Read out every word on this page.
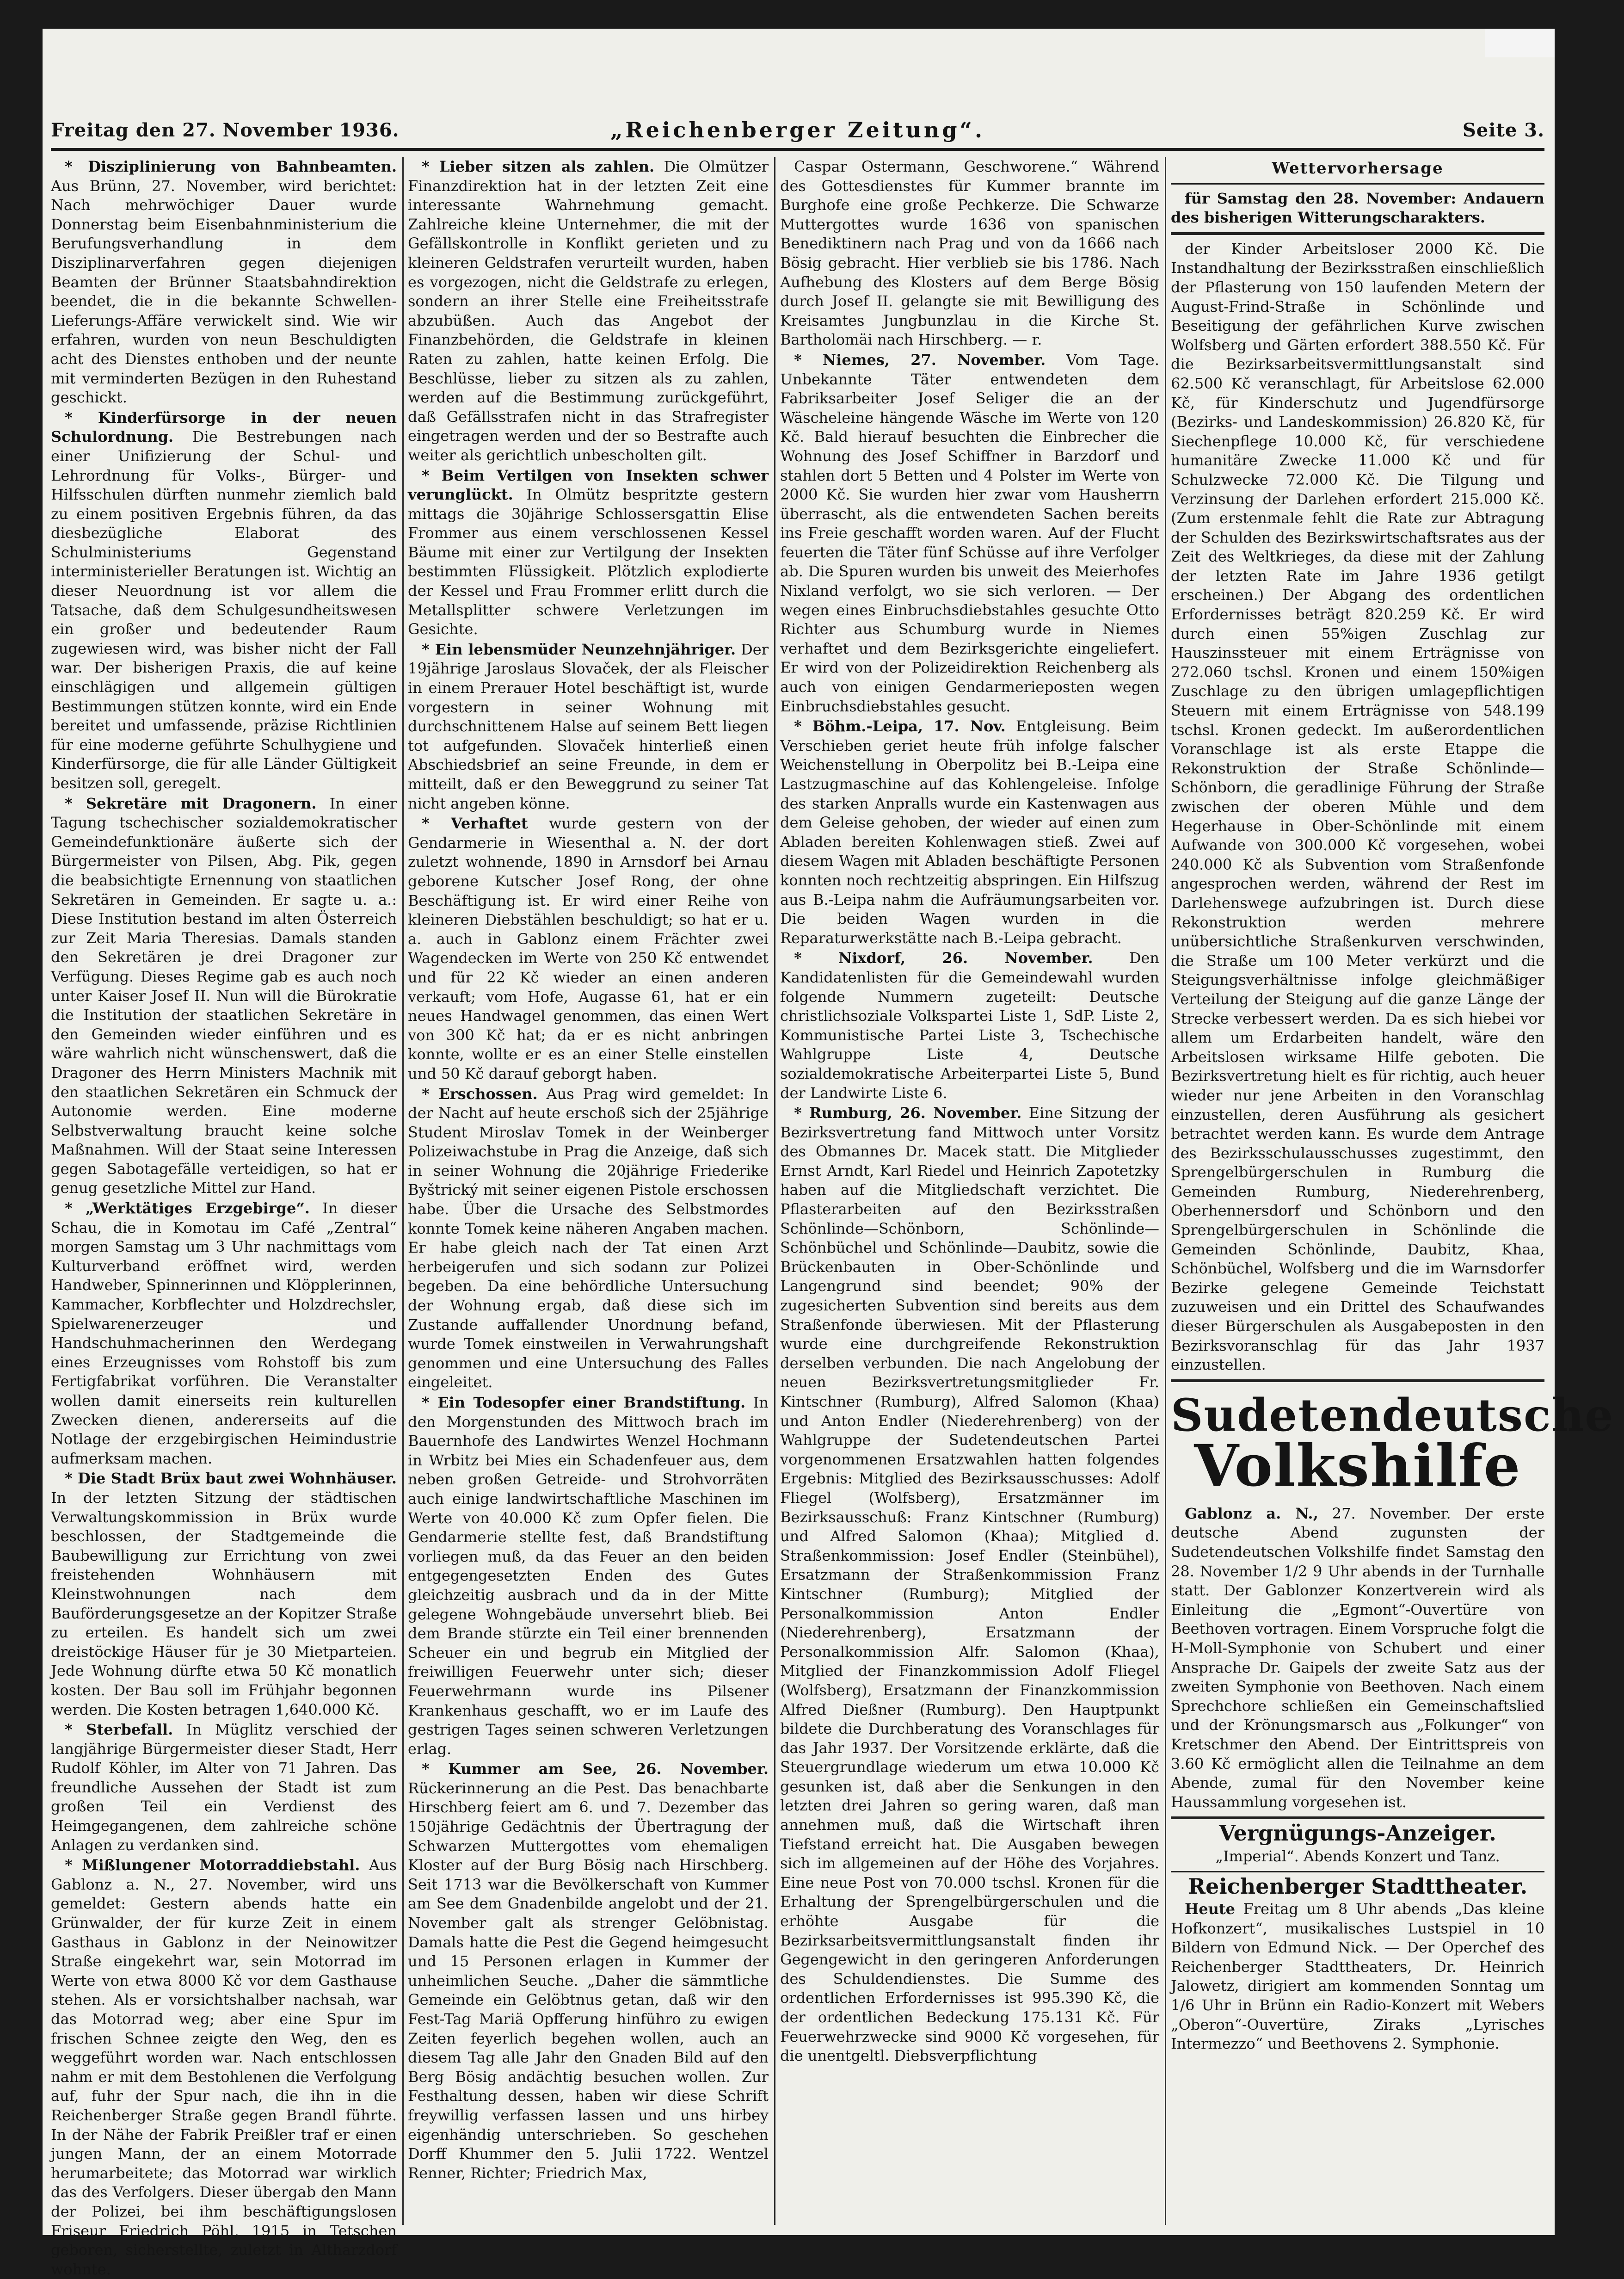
Freitag den 27. November 1936.	„Reichenberger Zeitung“.	Seite 3.

* Disziplinierung von Bahnbeamten. Aus Brünn, 27. November, wird berichtet: Nach mehrwöchiger Dauer wurde Donnerstag beim Eisenbahnministerium die Berufungsverhandlung in dem Disziplinarverfahren gegen diejenigen Beamten der Brünner Staatsbahndirektion beendet, die in die bekannte Schwellen-Lieferungs-Affäre verwickelt sind. Wie wir erfahren, wurden von neun Beschuldigten acht des Dienstes enthoben und der neunte mit verminderten Bezügen in den Ruhestand geschickt.

* Kinderfürsorge in der neuen Schulordnung. Die Bestrebungen nach einer Unifizierung der Schul- und Lehrordnung für Volks-, Bürger- und Hilfsschulen dürften nunmehr ziemlich bald zu einem positiven Ergebnis führen, da das diesbezügliche Elaborat des Schulministeriums Gegenstand interministerieller Beratungen ist. Wichtig an dieser Neuordnung ist vor allem die Tatsache, daß dem Schulgesundheitswesen ein großer und bedeutender Raum zugewiesen wird, was bisher nicht der Fall war. Der bisherigen Praxis, die auf keine einschlägigen und allgemein gültigen Bestimmungen stützen konnte, wird ein Ende bereitet und umfassende, präzise Richtlinien für eine moderne geführte Schulhygiene und Kinderfürsorge, die für alle Länder Gültigkeit besitzen soll, geregelt.

* Sekretäre mit Dragonern. In einer Tagung tschechischer sozialdemokratischer Gemeindefunktionäre äußerte sich der Bürgermeister von Pilsen, Abg. Pik, gegen die beabsichtigte Ernennung von staatlichen Sekretären in Gemeinden. Er sagte u. a.: Diese Institution bestand im alten Österreich zur Zeit Maria Theresias. Damals standen den Sekretären je drei Dragoner zur Verfügung. Dieses Regime gab es auch noch unter Kaiser Josef II. Nun will die Bürokratie die Institution der staatlichen Sekretäre in den Gemeinden wieder einführen und es wäre wahrlich nicht wünschenswert, daß die Dragoner des Herrn Ministers Machnik mit den staatlichen Sekretären ein Schmuck der Autonomie werden. Eine moderne Selbstverwaltung braucht keine solche Maßnahmen. Will der Staat seine Interessen gegen Sabotagefälle verteidigen, so hat er genug gesetzliche Mittel zur Hand.

* „Werktätiges Erzgebirge“. In dieser Schau, die in Komotau im Café „Zentral“ morgen Samstag um 3 Uhr nachmittags vom Kulturverband eröffnet wird, werden Handweber, Spinnerinnen und Klöpplerinnen, Kammacher, Korbflechter und Holzdrechsler, Spielwarenerzeuger und Handschuhmacherinnen den Werdegang eines Erzeugnisses vom Rohstoff bis zum Fertigfabrikat vorführen. Die Veranstalter wollen damit einerseits rein kulturellen Zwecken dienen, andererseits auf die Notlage der erzgebirgischen Heimindustrie aufmerksam machen.

* Die Stadt Brüx baut zwei Wohnhäuser. In der letzten Sitzung der städtischen Verwaltungskommission in Brüx wurde beschlossen, der Stadtgemeinde die Baubewilligung zur Errichtung von zwei freistehenden Wohnhäusern mit Kleinstwohnungen nach dem Bauförderungsgesetze an der Kopitzer Straße zu erteilen. Es handelt sich um zwei dreistöckige Häuser für je 30 Mietparteien. Jede Wohnung dürfte etwa 50 Kč monatlich kosten. Der Bau soll im Frühjahr begonnen werden. Die Kosten betragen 1,640.000 Kč.

* Sterbefall. In Müglitz verschied der langjährige Bürgermeister dieser Stadt, Herr Rudolf Köhler, im Alter von 71 Jahren. Das freundliche Aussehen der Stadt ist zum großen Teil ein Verdienst des Heimgegangenen, dem zahlreiche schöne Anlagen zu verdanken sind.

* Mißlungener Motorraddiebstahl. Aus Gablonz a. N., 27. November, wird uns gemeldet: Gestern abends hatte ein Grünwalder, der für kurze Zeit in einem Gasthaus in Gablonz in der Neinowitzer Straße eingekehrt war, sein Motorrad im Werte von etwa 8000 Kč vor dem Gasthause stehen. Als er vorsichtshalber nachsah, war das Motorrad weg; aber eine Spur im frischen Schnee zeigte den Weg, den es weggeführt worden war. Nach entschlossen nahm er mit dem Bestohlenen die Verfolgung auf, fuhr der Spur nach, die ihn in die Reichenberger Straße gegen Brandl führte. In der Nähe der Fabrik Preißler traf er einen jungen Mann, der an einem Motorrade herumarbeitete; das Motorrad war wirklich das des Verfolgers. Dieser übergab den Mann der Polizei, bei ihm beschäftigungslosen Friseur Friedrich Pöhl, 1915 in Tetschen geboren, sicherstellte, zuletzt in Altharzdorf wohnte.

* Lieber sitzen als zahlen. Die Olmützer Finanzdirektion hat in der letzten Zeit eine interessante Wahrnehmung gemacht. Zahlreiche kleine Unternehmer, die mit der Gefällskontrolle in Konflikt gerieten und zu kleineren Geldstrafen verurteilt wurden, haben es vorgezogen, nicht die Geldstrafe zu erlegen, sondern an ihrer Stelle eine Freiheitsstrafe abzubüßen. Auch das Angebot der Finanzbehörden, die Geldstrafe in kleinen Raten zu zahlen, hatte keinen Erfolg. Die Beschlüsse, lieber zu sitzen als zu zahlen, werden auf die Bestimmung zurückgeführt, daß Gefällsstrafen nicht in das Strafregister eingetragen werden und der so Bestrafte auch weiter als gerichtlich unbescholten gilt.

* Beim Vertilgen von Insekten schwer verunglückt. In Olmütz bespritzte gestern mittags die 30jährige Schlossersgattin Elise Frommer aus einem verschlossenen Kessel Bäume mit einer zur Vertilgung der Insekten bestimmten Flüssigkeit. Plötzlich explodierte der Kessel und Frau Frommer erlitt durch die Metallsplitter schwere Verletzungen im Gesichte.

* Ein lebensmüder Neunzehnjähriger. Der 19jährige Jaroslaus Slovaček, der als Fleischer in einem Prerauer Hotel beschäftigt ist, wurde vorgestern in seiner Wohnung mit durchschnittenem Halse auf seinem Bett liegen tot aufgefunden. Slovaček hinterließ einen Abschiedsbrief an seine Freunde, in dem er mitteilt, daß er den Beweggrund zu seiner Tat nicht angeben könne.

* Verhaftet wurde gestern von der Gendarmerie in Wiesenthal a. N. der dort zuletzt wohnende, 1890 in Arnsdorf bei Arnau geborene Kutscher Josef Rong, der ohne Beschäftigung ist. Er wird einer Reihe von kleineren Diebstählen beschuldigt; so hat er u. a. auch in Gablonz einem Frächter zwei Wagendecken im Werte von 250 Kč entwendet und für 22 Kč wieder an einen anderen verkauft; vom Hofe, Augasse 61, hat er ein neues Handwagel genommen, das einen Wert von 300 Kč hat; da er es nicht anbringen konnte, wollte er es an einer Stelle einstellen und 50 Kč darauf geborgt haben.

* Erschossen. Aus Prag wird gemeldet: In der Nacht auf heute erschoß sich der 25jährige Student Miroslav Tomek in der Weinberger Polizeiwachstube in Prag die Anzeige, daß sich in seiner Wohnung die 20jährige Friederike Byštrický mit seiner eigenen Pistole erschossen habe. Über die Ursache des Selbstmordes konnte Tomek keine näheren Angaben machen. Er habe gleich nach der Tat einen Arzt herbeigerufen und sich sodann zur Polizei begeben. Da eine behördliche Untersuchung der Wohnung ergab, daß diese sich im Zustande auffallender Unordnung befand, wurde Tomek einstweilen in Verwahrungshaft genommen und eine Untersuchung des Falles eingeleitet.

* Ein Todesopfer einer Brandstiftung. In den Morgenstunden des Mittwoch brach im Bauernhofe des Landwirtes Wenzel Hochmann in Wrbitz bei Mies ein Schadenfeuer aus, dem neben großen Getreide- und Strohvorräten auch einige landwirtschaftliche Maschinen im Werte von 40.000 Kč zum Opfer fielen. Die Gendarmerie stellte fest, daß Brandstiftung vorliegen muß, da das Feuer an den beiden entgegengesetzten Enden des Gutes gleichzeitig ausbrach und da in der Mitte gelegene Wohngebäude unversehrt blieb. Bei dem Brande stürzte ein Teil einer brennenden Scheuer ein und begrub ein Mitglied der freiwilligen Feuerwehr unter sich; dieser Feuerwehrmann wurde ins Pilsener Krankenhaus geschafft, wo er im Laufe des gestrigen Tages seinen schweren Verletzungen erlag.

* Kummer am See, 26. November. Rückerinnerung an die Pest. Das benachbarte Hirschberg feiert am 6. und 7. Dezember das 150jährige Gedächtnis der Übertragung der Schwarzen Muttergottes vom ehemaligen Kloster auf der Burg Bösig nach Hirschberg. Seit 1713 war die Bevölkerschaft von Kummer am See dem Gnadenbilde angelobt und der 21. November galt als strenger Gelöbnistag. Damals hatte die Pest die Gegend heimgesucht und 15 Personen erlagen in Kummer der unheimlichen Seuche. „Daher die sämmtliche Gemeinde ein Gelöbtnus getan, daß wir den Fest-Tag Mariä Opfferung hinführo zu ewigen Zeiten feyerlich begehen wollen, auch an diesem Tag alle Jahr den Gnaden Bild auf den Berg Bösig andächtig besuchen wollen. Zur Festhaltung dessen, haben wir diese Schrift freywillig verfassen lassen und uns hirbey eigenhändig unterschrieben. So geschehen Dorff Khummer den 5. Julii 1722. Wentzel Renner, Richter; Friedrich Max,

Caspar Ostermann, Geschworene.“ Während des Gottesdienstes für Kummer brannte im Burghofe eine große Pechkerze. Die Schwarze Muttergottes wurde 1636 von spanischen Benediktinern nach Prag und von da 1666 nach Bösig gebracht. Hier verblieb sie bis 1786. Nach Aufhebung des Klosters auf dem Berge Bösig durch Josef II. gelangte sie mit Bewilligung des Kreisamtes Jungbunzlau in die Kirche St. Bartholomäi nach Hirschberg. — r.

* Niemes, 27. November. Vom Tage. Unbekannte Täter entwendeten dem Fabriksarbeiter Josef Seliger die an der Wäscheleine hängende Wäsche im Werte von 120 Kč. Bald hierauf besuchten die Einbrecher die Wohnung des Josef Schiffner in Barzdorf und stahlen dort 5 Betten und 4 Polster im Werte von 2000 Kč. Sie wurden hier zwar vom Hausherrn überrascht, als die entwendeten Sachen bereits ins Freie geschafft worden waren. Auf der Flucht feuerten die Täter fünf Schüsse auf ihre Verfolger ab. Die Spuren wurden bis unweit des Meierhofes Nixland verfolgt, wo sie sich verloren. — Der wegen eines Einbruchsdiebstahles gesuchte Otto Richter aus Schumburg wurde in Niemes verhaftet und dem Bezirksgerichte eingeliefert. Er wird von der Polizeidirektion Reichenberg als auch von einigen Gendarmerieposten wegen Einbruchsdiebstahles gesucht.

* Böhm.-Leipa, 17. Nov. Entgleisung. Beim Verschieben geriet heute früh infolge falscher Weichenstellung in Oberpolitz bei B.-Leipa eine Lastzugmaschine auf das Kohlengeleise. Infolge des starken Anpralls wurde ein Kastenwagen aus dem Geleise gehoben, der wieder auf einen zum Abladen bereiten Kohlenwagen stieß. Zwei auf diesem Wagen mit Abladen beschäftigte Personen konnten noch rechtzeitig abspringen. Ein Hilfszug aus B.-Leipa nahm die Aufräumungsarbeiten vor. Die beiden Wagen wurden in die Reparaturwerkstätte nach B.-Leipa gebracht.

* Nixdorf, 26. November. Den Kandidatenlisten für die Gemeindewahl wurden folgende Nummern zugeteilt: Deutsche christlichsoziale Volkspartei Liste 1, SdP. Liste 2, Kommunistische Partei Liste 3, Tschechische Wahlgruppe Liste 4, Deutsche sozialdemokratische Arbeiterpartei Liste 5, Bund der Landwirte Liste 6.

* Rumburg, 26. November. Eine Sitzung der Bezirksvertretung fand Mittwoch unter Vorsitz des Obmannes Dr. Macek statt. Die Mitglieder Ernst Arndt, Karl Riedel und Heinrich Zapotetzky haben auf die Mitgliedschaft verzichtet. Die Pflasterarbeiten auf den Bezirksstraßen Schönlinde—Schönborn, Schönlinde—Schönbüchel und Schönlinde—Daubitz, sowie die Brückenbauten in Ober-Schönlinde und Langengrund sind beendet; 90% der zugesicherten Subvention sind bereits aus dem Straßenfonde überwiesen. Mit der Pflasterung wurde eine durchgreifende Rekonstruktion derselben verbunden. Die nach Angelobung der neuen Bezirksvertretungsmitglieder Fr. Kintschner (Rumburg), Alfred Salomon (Khaa) und Anton Endler (Niederehrenberg) von der Wahlgruppe der Sudetendeutschen Partei vorgenommenen Ersatzwahlen hatten folgendes Ergebnis: Mitglied des Bezirksausschusses: Adolf Fliegel (Wolfsberg), Ersatzmänner im Bezirksausschuß: Franz Kintschner (Rumburg) und Alfred Salomon (Khaa); Mitglied d. Straßenkommission: Josef Endler (Steinbühel), Ersatzmann der Straßenkommission Franz Kintschner (Rumburg); Mitglied der Personalkommission Anton Endler (Niederehrenberg), Ersatzmann der Personalkommission Alfr. Salomon (Khaa), Mitglied der Finanzkommission Adolf Fliegel (Wolfsberg), Ersatzmann der Finanzkommission Alfred Dießner (Rumburg). Den Hauptpunkt bildete die Durchberatung des Voranschlages für das Jahr 1937. Der Vorsitzende erklärte, daß die Steuergrundlage wiederum um etwa 10.000 Kč gesunken ist, daß aber die Senkungen in den letzten drei Jahren so gering waren, daß man annehmen muß, daß die Wirtschaft ihren Tiefstand erreicht hat. Die Ausgaben bewegen sich im allgemeinen auf der Höhe des Vorjahres. Eine neue Post von 70.000 tschsl. Kronen für die Erhaltung der Sprengelbürgerschulen und die erhöhte Ausgabe für die Bezirksarbeitsvermittlungsanstalt finden ihr Gegengewicht in den geringeren Anforderungen des Schuldendienstes. Die Summe des ordentlichen Erfordernisses ist 995.390 Kč, die der ordentlichen Bedeckung 175.131 Kč. Für Feuerwehrzwecke sind 9000 Kč vorgesehen, für die unentgeltl. Diebsverpflichtung

Wettervorhersage

für Samstag den 28. November: Andauern des bisherigen Witterungscharakters.

der Kinder Arbeitsloser 2000 Kč. Die Instandhaltung der Bezirksstraßen einschließlich der Pflasterung von 150 laufenden Metern der August-Frind-Straße in Schönlinde und Beseitigung der gefährlichen Kurve zwischen Wolfsberg und Gärten erfordert 388.550 Kč. Für die Bezirksarbeitsvermittlungsanstalt sind 62.500 Kč veranschlagt, für Arbeitslose 62.000 Kč, für Kinderschutz und Jugendfürsorge (Bezirks- und Landeskommission) 26.820 Kč, für Siechenpflege 10.000 Kč, für verschiedene humanitäre Zwecke 11.000 Kč und für Schulzwecke 72.000 Kč. Die Tilgung und Verzinsung der Darlehen erfordert 215.000 Kč. (Zum erstenmale fehlt die Rate zur Abtragung der Schulden des Bezirkswirtschaftsrates aus der Zeit des Weltkrieges, da diese mit der Zahlung der letzten Rate im Jahre 1936 getilgt erscheinen.) Der Abgang des ordentlichen Erfordernisses beträgt 820.259 Kč. Er wird durch einen 55%igen Zuschlag zur Hauszinssteuer mit einem Erträgnisse von 272.060 tschsl. Kronen und einem 150%igen Zuschlage zu den übrigen umlagepflichtigen Steuern mit einem Erträgnisse von 548.199 tschsl. Kronen gedeckt. Im außerordentlichen Voranschlage ist als erste Etappe die Rekonstruktion der Straße Schönlinde—Schönborn, die geradlinige Führung der Straße zwischen der oberen Mühle und dem Hegerhause in Ober-Schönlinde mit einem Aufwande von 300.000 Kč vorgesehen, wobei 240.000 Kč als Subvention vom Straßenfonde angesprochen werden, während der Rest im Darlehenswege aufzubringen ist. Durch diese Rekonstruktion werden mehrere unübersichtliche Straßenkurven verschwinden, die Straße um 100 Meter verkürzt und die Steigungsverhältnisse infolge gleichmäßiger Verteilung der Steigung auf die ganze Länge der Strecke verbessert werden. Da es sich hiebei vor allem um Erdarbeiten handelt, wäre den Arbeitslosen wirksame Hilfe geboten. Die Bezirksvertretung hielt es für richtig, auch heuer wieder nur jene Arbeiten in den Voranschlag einzustellen, deren Ausführung als gesichert betrachtet werden kann. Es wurde dem Antrage des Bezirksschulausschusses zugestimmt, den Sprengelbürgerschulen in Rumburg die Gemeinden Rumburg, Niederehrenberg, Oberhennersdorf und Schönborn und den Sprengelbürgerschulen in Schönlinde die Gemeinden Schönlinde, Daubitz, Khaa, Schönbüchel, Wolfsberg und die im Warnsdorfer Bezirke gelegene Gemeinde Teichstatt zuzuweisen und ein Drittel des Schaufwandes dieser Bürgerschulen als Ausgabeposten in den Bezirksvoranschlag für das Jahr 1937 einzustellen.

Sudetendeutsche
Volkshilfe

Gablonz a. N., 27. November. Der erste deutsche Abend zugunsten der Sudetendeutschen Volkshilfe findet Samstag den 28. November 1/2 9 Uhr abends in der Turnhalle statt. Der Gablonzer Konzertverein wird als Einleitung die „Egmont“-Ouvertüre von Beethoven vortragen. Einem Vorspruche folgt die H-Moll-Symphonie von Schubert und einer Ansprache Dr. Gaipels der zweite Satz aus der zweiten Symphonie von Beethoven. Nach einem Sprechchore schließen ein Gemeinschaftslied und der Krönungsmarsch aus „Folkunger“ von Kretschmer den Abend. Der Eintrittspreis von 3.60 Kč ermöglicht allen die Teilnahme an dem Abende, zumal für den November keine Haussammlung vorgesehen ist.

Vergnügungs-Anzeiger.

„Imperial“. Abends Konzert und Tanz.

Reichenberger Stadttheater.

Heute Freitag um 8 Uhr abends „Das kleine Hofkonzert“, musikalisches Lustspiel in 10 Bildern von Edmund Nick. — Der Operchef des Reichenberger Stadttheaters, Dr. Heinrich Jalowetz, dirigiert am kommenden Sonntag um 1/6 Uhr in Brünn ein Radio-Konzert mit Webers „Oberon“-Ouvertüre, Ziraks „Lyrisches Intermezzo“ und Beethovens 2. Symphonie.
